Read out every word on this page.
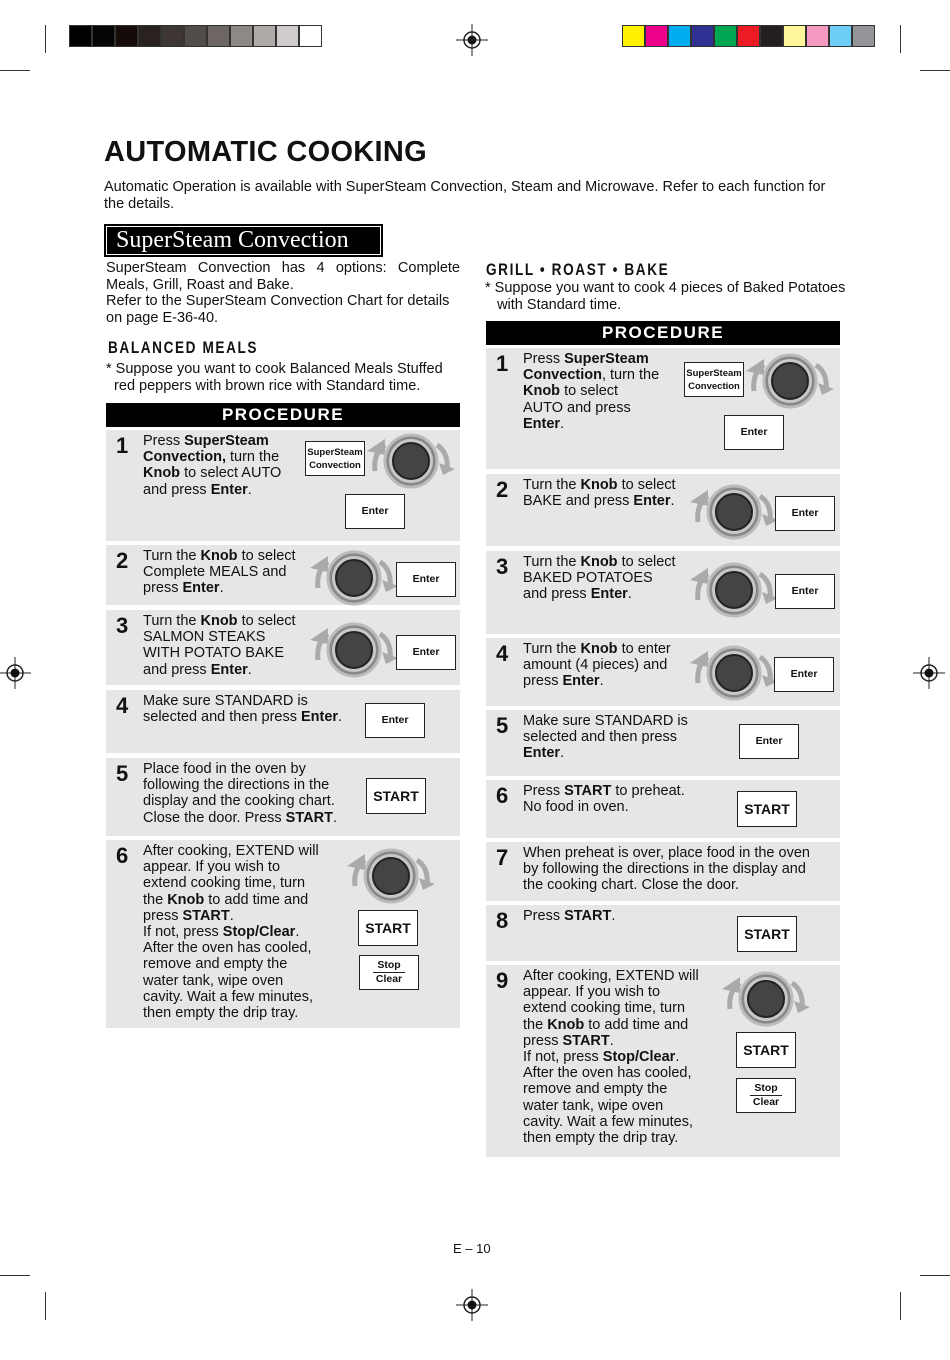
AUTOMATIC COOKING
Automatic Operation is available with SuperSteam Convection, Steam and Microwave. Refer to each function for the details.
SuperSteam Convection
SuperSteam Convection has 4 options: Complete Meals, Grill, Roast and Bake.
Refer to the SuperSteam Convection Chart for details on page E-36-40.
BALANCED MEALS
* Suppose you want to cook Balanced Meals Stuffed
red peppers with brown rice with Standard time.
PROCEDURE
GRILL • ROAST • BAKE
* Suppose you want to cook 4 pieces of Baked Potatoes
with Standard time.
PROCEDURE
1 Press SuperSteam
Convection, turn the
Knob to select AUTO
and press Enter.
SuperSteam
Convection
Enter
2 Turn the Knob to select
Complete MEALS and
press Enter.
Enter
3 Turn the Knob to select
SALMON STEAKS
WITH POTATO BAKE
and press Enter.
Enter
4 Make sure STANDARD is
selected and then press Enter.	Enter
5 Place food in the oven by
following the directions in the
display and the cooking chart.
Close the door. Press START.
START
6 After cooking, EXTEND will
appear. If you wish to
extend cooking time, turn
the Knob to add time and
press START.
If not, press Stop/Clear.
After the oven has cooled,
remove and empty the
water tank, wipe oven
cavity. Wait a few minutes,
then empty the drip tray.
START
Stop
Clear
1 Press SuperSteam
Convection, turn the
Knob to select
AUTO and press
Enter.
SuperSteam
Convection
Enter
2 Turn the Knob to select
BAKE and press Enter.
Enter
3 Turn the Knob to select
BAKED POTATOES
and press Enter.	Enter
4 Turn the Knob to enter
amount (4 pieces) and
press Enter.	Enter
5 Make sure STANDARD is
selected and then press
Enter.
Enter
6 Press START to preheat.
No food in oven.	START
7 When preheat is over, place food in the oven
by following the directions in the display and
the cooking chart. Close the door.
8 Press START.
START
9 After cooking, EXTEND will
appear. If you wish to
extend cooking time, turn
the Knob to add time and
press START.
If not, press Stop/Clear.
After the oven has cooled,
remove and empty the
water tank, wipe oven
cavity. Wait a few minutes,
then empty the drip tray.
START
Stop
Clear
E – 10
